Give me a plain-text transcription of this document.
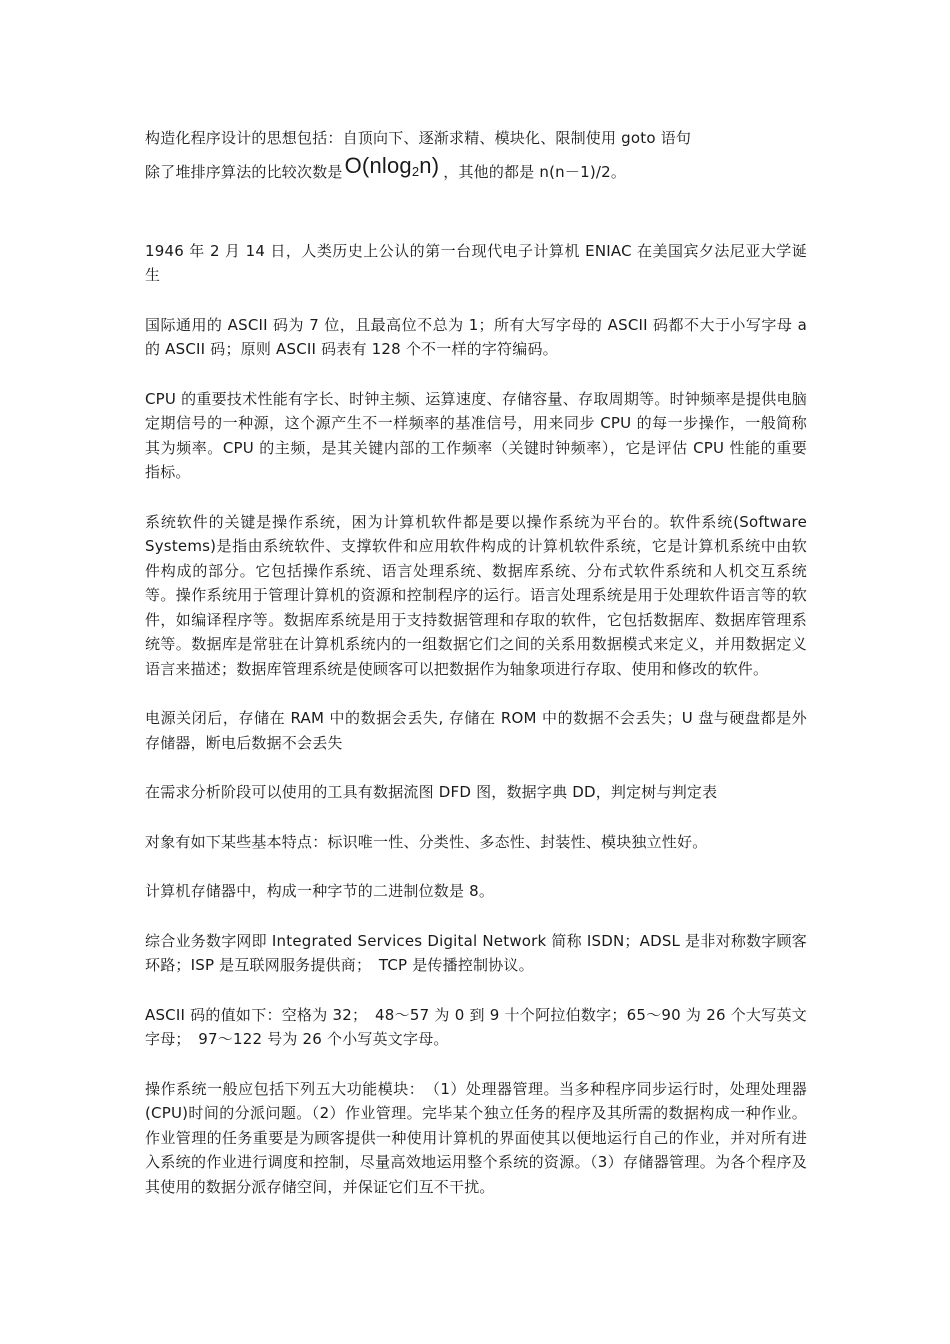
构造化程序设计的思想包括：自顶向下、逐渐求精、模块化、限制使用 goto 语句

除了堆排序算法的比较次数是 O(nlog$_2$n) ，其他的都是 n(n－1)/2。

1946 年 2 月 14 日，人类历史上公认的第一台现代电子计算机 ENIAC 在美国宾夕法尼亚大学诞生

国际通用的 ASCII 码为 7 位，且最高位不总为 1；所有大写字母的 ASCII 码都不大于小写字母 a 的 ASCII 码；原则 ASCII 码表有 128 个不一样的字符编码。

CPU 的重要技术性能有字长、时钟主频、运算速度、存储容量、存取周期等。时钟频率是提供电脑定期信号的一种源，这个源产生不一样频率的基准信号，用来同步 CPU 的每一步操作，一般简称其为频率。CPU 的主频，是其关键内部的工作频率（关键时钟频率），它是评估 CPU 性能的重要指标。

系统软件的关键是操作系统，困为计算机软件都是要以操作系统为平台的。软件系统(Software Systems)是指由系统软件、支撑软件和应用软件构成的计算机软件系统，它是计算机系统中由软件构成的部分。它包括操作系统、语言处理系统、数据库系统、分布式软件系统和人机交互系统等。操作系统用于管理计算机的资源和控制程序的运行。语言处理系统是用于处理软件语言等的软件，如编译程序等。数据库系统是用于支持数据管理和存取的软件，它包括数据库、数据库管理系统等。数据库是常驻在计算机系统内的一组数据它们之间的关系用数据模式来定义，并用数据定义语言来描述；数据库管理系统是使顾客可以把数据作为轴象项进行存取、使用和修改的软件。

电源关闭后，存储在 RAM 中的数据会丢失, 存储在 ROM 中的数据不会丢失；U 盘与硬盘都是外存储器，断电后数据不会丢失

在需求分析阶段可以使用的工具有数据流图 DFD 图，数据字典 DD，判定树与判定表

对象有如下某些基本特点：标识唯一性、分类性、多态性、封装性、模块独立性好。

计算机存储器中，构成一种字节的二进制位数是 8。

综合业务数字网即 Integrated Services Digital Network 简称 ISDN；ADSL 是非对称数字顾客环路；ISP 是互联网服务提供商；　TCP 是传播控制协议。

ASCII 码的值如下：空格为 32；　48～57 为 0 到 9 十个阿拉伯数字；65～90 为 26 个大写英文字母；　97～122 号为 26 个小写英文字母。

操作系统一般应包括下列五大功能模块：　（1）处理器管理。当多种程序同步运行时，处理处理器(CPU)时间的分派问题。（2）作业管理。完毕某个独立任务的程序及其所需的数据构成一种作业。作业管理的任务重要是为顾客提供一种使用计算机的界面使其以便地运行自己的作业，并对所有进入系统的作业进行调度和控制，尽量高效地运用整个系统的资源。（3）存储器管理。为各个程序及其使用的数据分派存储空间，并保证它们互不干扰。
